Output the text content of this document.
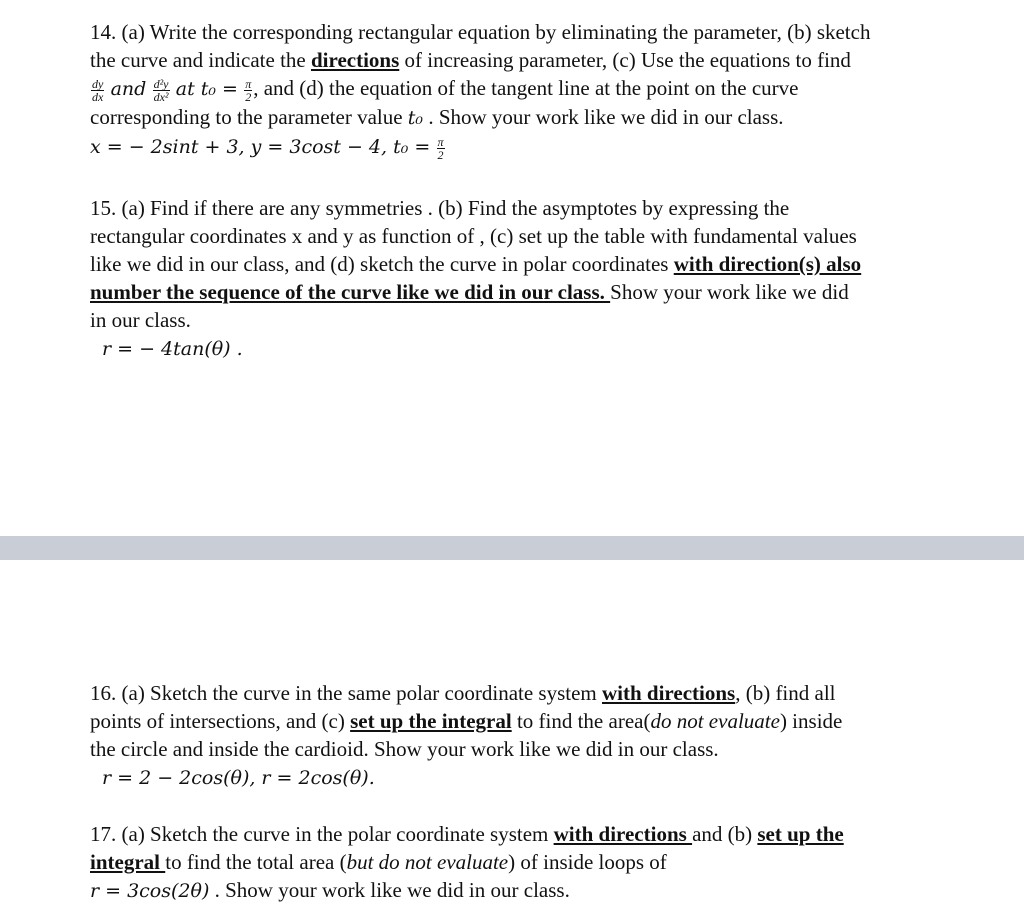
14. (a) Write the corresponding rectangular equation by eliminating the parameter, (b) sketch
the curve and indicate the directions of increasing parameter, (c) Use the equations to find
$\frac{dy}{dx}$ and $\frac{\text{d²y}}{\text{dx²}}$ at $t_0 = \frac{\pi}{2}$ , and (d) the equation of the tangent line at the point on the curve
corresponding to the parameter value t₀ . Show your work like we did in our class.
x = − 2sint + 3, y = 3cost − 4, $t_0 = \frac{\pi}{2}$
15. (a) Find if there are any symmetries . (b) Find the asymptotes by expressing the
rectangular coordinates x and y as function of , (c) set up the table with fundamental values
like we did in our class, and (d) sketch the curve in polar coordinates with direction(s) also
number the sequence of the curve like we did in our class. Show your work like we did
in our class.
r = − 4tan(θ) .
16. (a) Sketch the curve in the same polar coordinate system with directions, (b) find all
points of intersections, and (c) set up the integral to find the area(do not evaluate) inside
the circle and inside the cardioid. Show your work like we did in our class.
r = 2 − 2cos(θ), r = 2cos(θ).
17. (a) Sketch the curve in the polar coordinate system with directions and (b) set up the
integral to find the total area (but do not evaluate) of inside loops of
r = 3cos(2θ) . Show your work like we did in our class.
